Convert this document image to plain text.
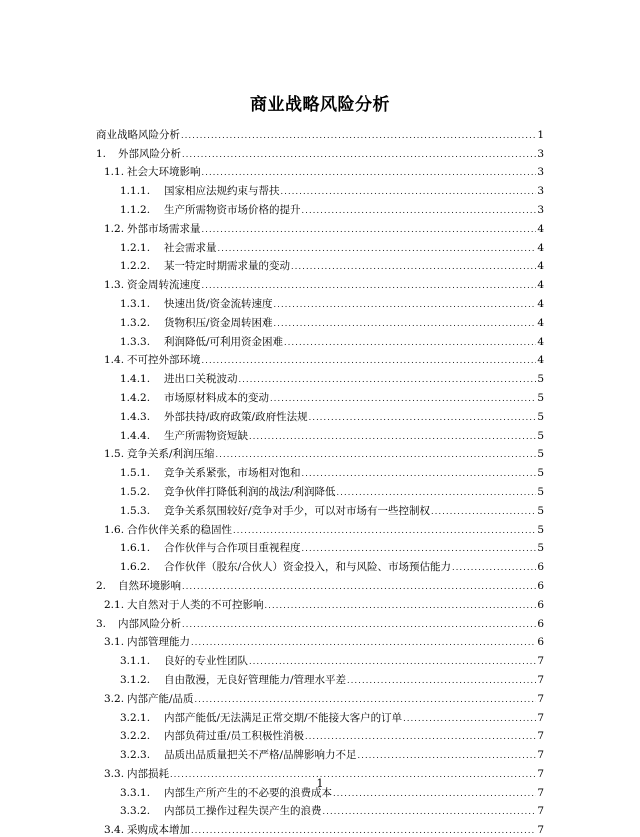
商业战略风险分析
商业战略风险分析 .....	1
1.	外部风险分析 .....	3
1.1. 社会大环境影响 .....	3
1.1.1.	国家相应法规约束与帮扶 .....	3
1.1.2.	生产所需物资市场价格的提升 .....	3
1.2. 外部市场需求量 .....	4
1.2.1.	社会需求量 .....	4
1.2.2.	某一特定时期需求量的变动 .....	4
1.3. 资金周转流速度 .....	4
1.3.1.	快速出货/资金流转速度 .....	4
1.3.2.	货物积压/资金周转困难 .....	4
1.3.3.	利润降低/可利用资金困难 .....	4
1.4. 不可控外部环境 .....	4
1.4.1.	进出口关税波动 .....	5
1.4.2.	市场原材料成本的变动 .....	5
1.4.3.	外部扶持/政府政策/政府性法规 .....	5
1.4.4.	生产所需物资短缺 .....	5
1.5. 竞争关系/利润压缩 .....	5
1.5.1.	竞争关系紧张，市场相对饱和 .....	5
1.5.2.	竞争伙伴打降低利润的战法/利润降低 .....	5
1.5.3.	竞争关系氛围较好/竞争对手少，可以对市场有一些控制权 .....	5
1.6. 合作伙伴关系的稳固性 .....	5
1.6.1.	合作伙伴与合作项目重视程度 .....	5
1.6.2.	合作伙伴（股东/合伙人）资金投入，和与风险、市场预估能力 .....	6
2.	自然环境影响 .....	6
2.1. 大自然对于人类的不可控影响 .....	6
3.	内部风险分析 .....	6
3.1. 内部管理能力 .....	6
3.1.1.	良好的专业性团队 .....	7
3.1.2.	自由散漫，无良好管理能力/管理水平差 .....	7
3.2. 内部产能/品质 .....	7
3.2.1.	内部产能低/无法满足正常交期/不能接大客户的订单 .....	7
3.2.2.	内部负荷过重/员工积极性消极 .....	7
3.2.3.	品质出品质量把关不严格/品牌影响力不足 .....	7
3.3. 内部损耗 .....	7
3.3.1.	内部生产所产生的不必要的浪费成本 .....	7
3.3.2.	内部员工操作过程失误产生的浪费 .....	7
3.4. 采购成本增加 .....	7
1
